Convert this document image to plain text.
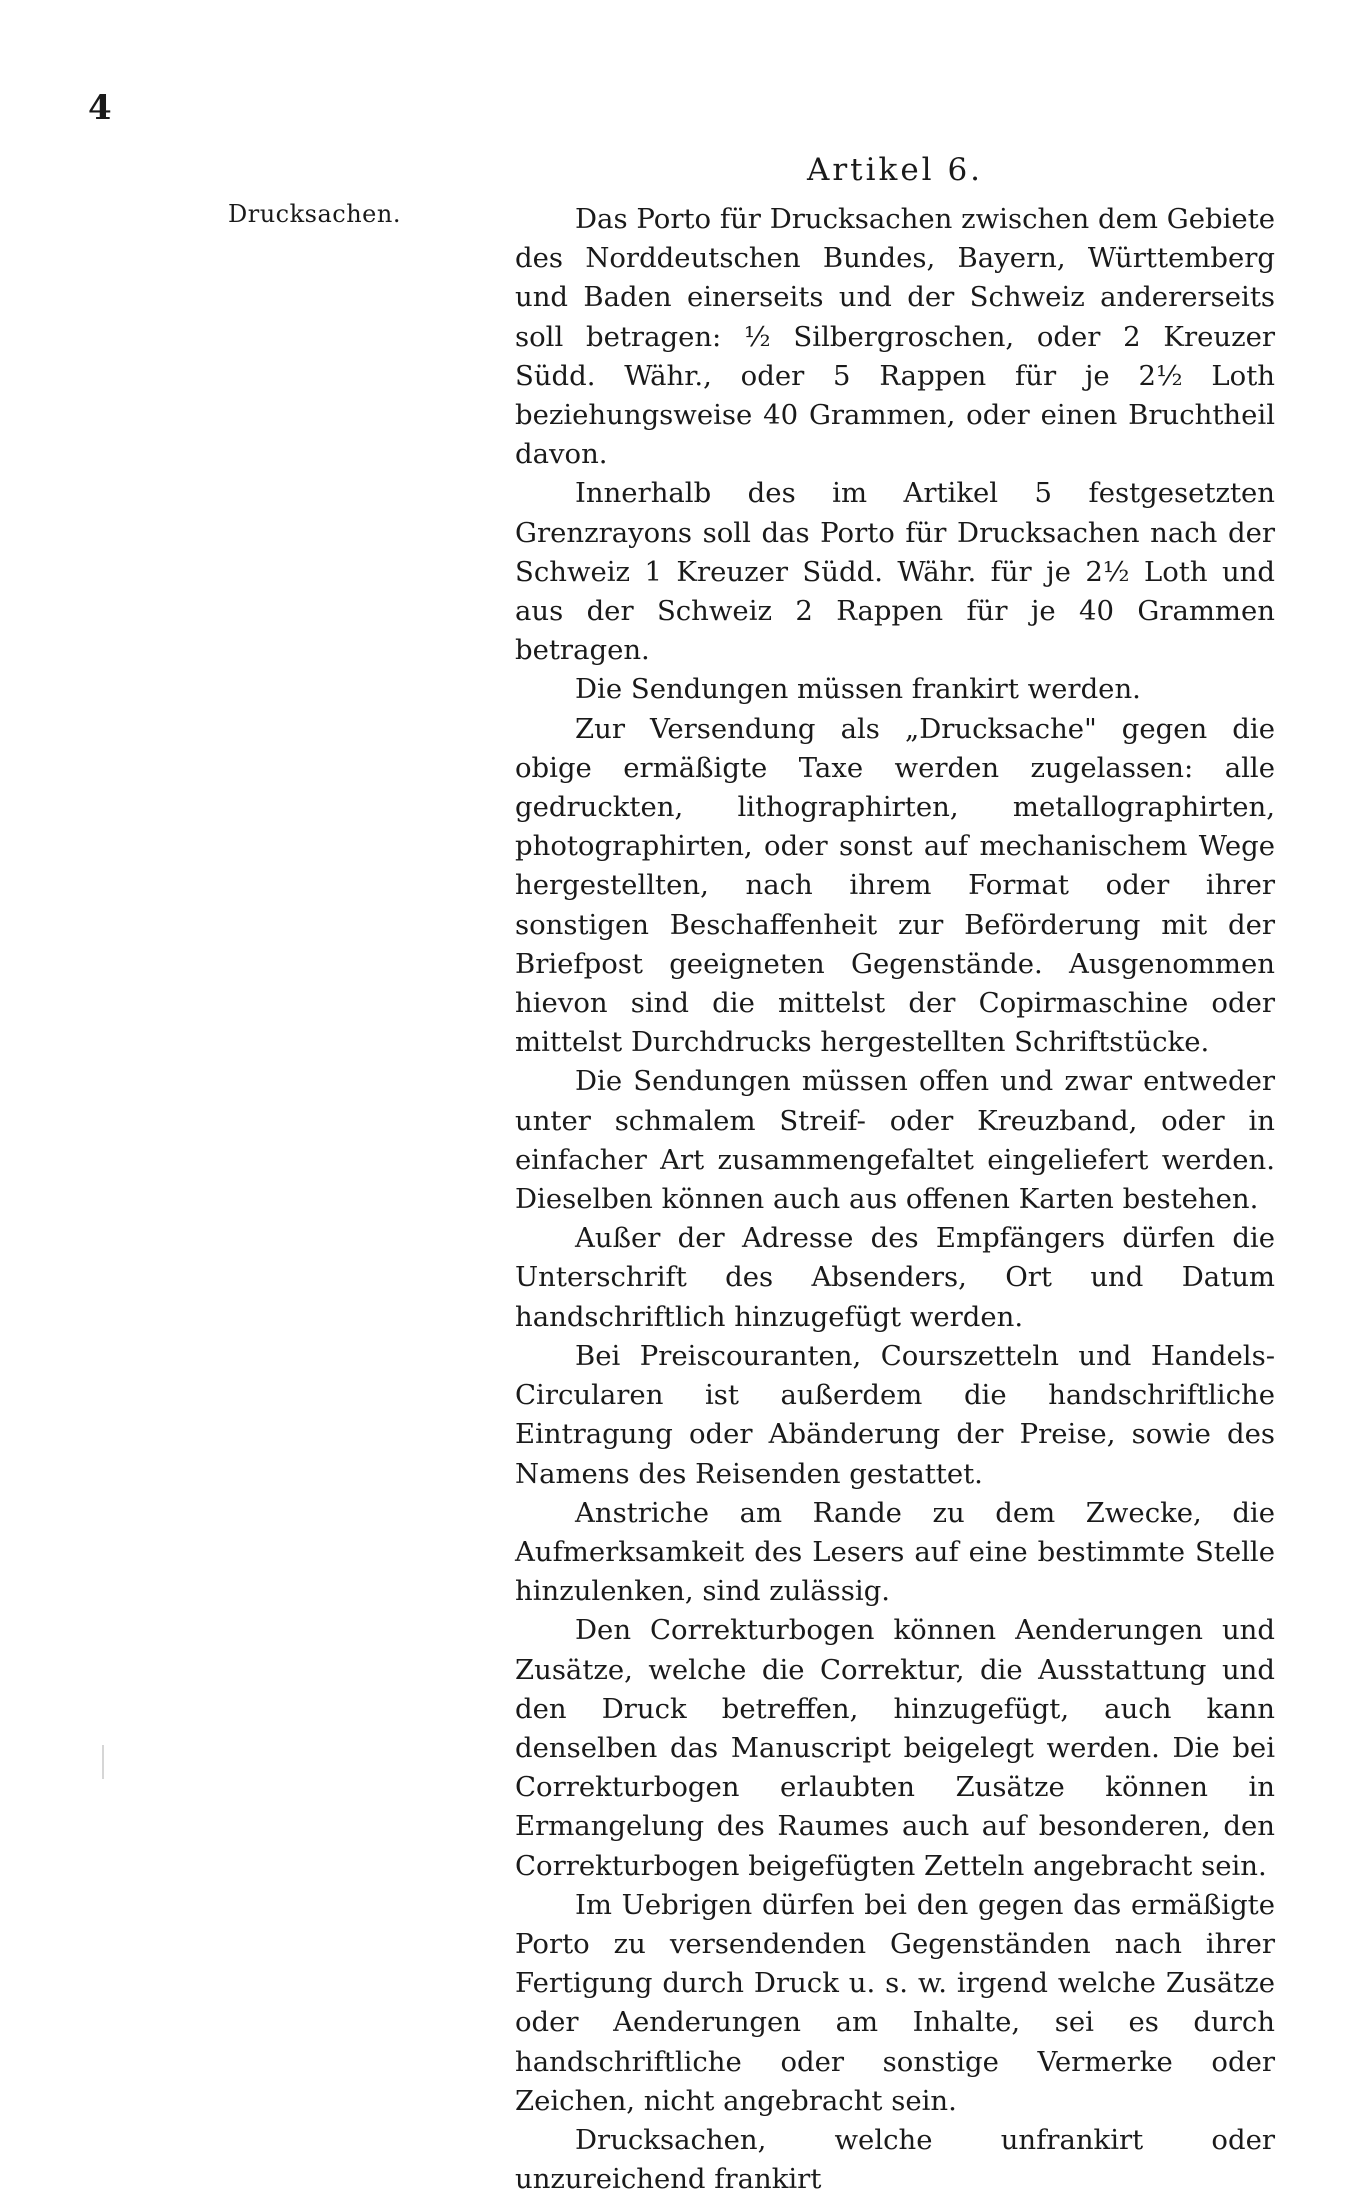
4
Drucksachen.
Artikel 6.

Das Porto für Drucksachen zwischen dem Gebiete des Norddeutschen Bundes, Bayern, Württemberg und Baden einerseits und der Schweiz andererseits soll betragen: ½ Silbergroschen, oder 2 Kreuzer Südd. Währ., oder 5 Rappen für je 2½ Loth beziehungsweise 40 Grammen, oder einen Bruchtheil davon.

Innerhalb des im Artikel 5 festgesetzten Grenzrayons soll das Porto für Drucksachen nach der Schweiz 1 Kreuzer Südd. Währ. für je 2½ Loth und aus der Schweiz 2 Rappen für je 40 Grammen betragen.

Die Sendungen müssen frankirt werden.

Zur Versendung als „Drucksache" gegen die obige ermäßigte Taxe werden zugelassen: alle gedruckten, lithographirten, metallographirten, photographirten, oder sonst auf mechanischem Wege hergestellten, nach ihrem Format oder ihrer sonstigen Beschaffenheit zur Beförderung mit der Briefpost geeigneten Gegenstände. Ausgenommen hievon sind die mittelst der Copirmaschine oder mittelst Durchdrucks hergestellten Schriftstücke.

Die Sendungen müssen offen und zwar entweder unter schmalem Streif- oder Kreuzband, oder in einfacher Art zusammengefaltet eingeliefert werden. Dieselben können auch aus offenen Karten bestehen.

Außer der Adresse des Empfängers dürfen die Unterschrift des Absenders, Ort und Datum handschriftlich hinzugefügt werden.

Bei Preiscouranten, Courszetteln und Handels-Circularen ist außerdem die handschriftliche Eintragung oder Abänderung der Preise, sowie des Namens des Reisenden gestattet.

Anstriche am Rande zu dem Zwecke, die Aufmerksamkeit des Lesers auf eine bestimmte Stelle hinzulenken, sind zulässig.

Den Correkturbogen können Aenderungen und Zusätze, welche die Correktur, die Ausstattung und den Druck betreffen, hinzugefügt, auch kann denselben das Manuscript beigelegt werden. Die bei Correkturbogen erlaubten Zusätze können in Ermangelung des Raumes auch auf besonderen, den Correkturbogen beigefügten Zetteln angebracht sein.

Im Uebrigen dürfen bei den gegen das ermäßigte Porto zu versendenden Gegenständen nach ihrer Fertigung durch Druck u. s. w. irgend welche Zusätze oder Aenderungen am Inhalte, sei es durch handschriftliche oder sonstige Vermerke oder Zeichen, nicht angebracht sein.

Drucksachen, welche unfrankirt oder unzureichend frankirt
